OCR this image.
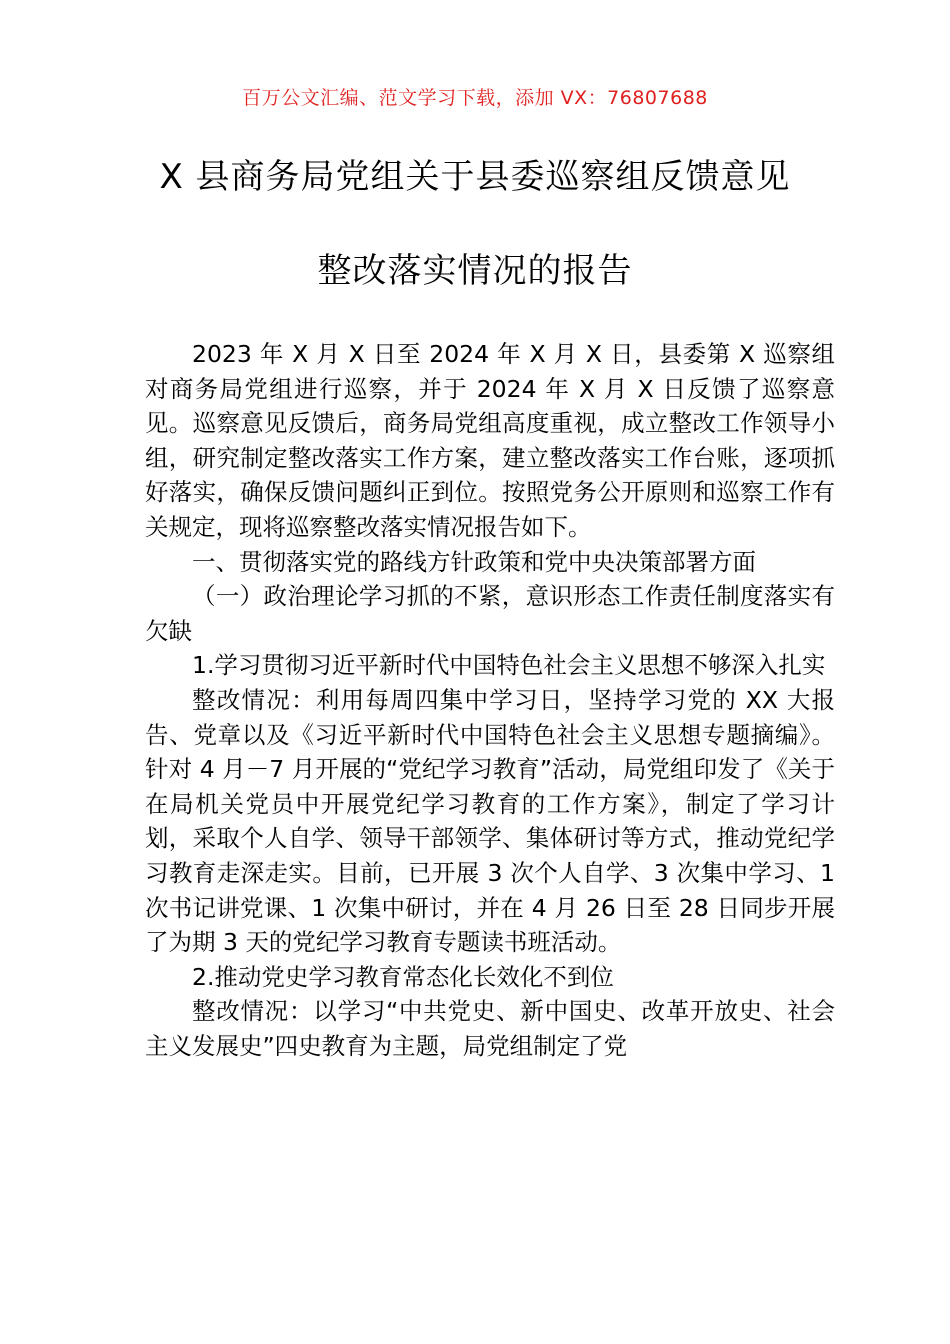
百万公文汇编、范文学习下载，添加 VX：76807688
X 县商务局党组关于县委巡察组反馈意见
整改落实情况的报告

2023 年 X 月 X 日至 2024 年 X 月 X 日，县委第 X 巡察组对商务局党组进行巡察，并于 2024 年 X 月 X 日反馈了巡察意见。巡察意见反馈后，商务局党组高度重视，成立整改工作领导小组，研究制定整改落实工作方案，建立整改落实工作台账，逐项抓好落实，确保反馈问题纠正到位。按照党务公开原则和巡察工作有关规定，现将巡察整改落实情况报告如下。

一、贯彻落实党的路线方针政策和党中央决策部署方面

（一）政治理论学习抓的不紧，意识形态工作责任制度落实有欠缺

1.学习贯彻习近平新时代中国特色社会主义思想不够深入扎实

整改情况：利用每周四集中学习日，坚持学习党的 XX 大报告、党章以及《习近平新时代中国特色社会主义思想专题摘编》。针对 4 月－7 月开展的“党纪学习教育”活动，局党组印发了《关于在局机关党员中开展党纪学习教育的工作方案》，制定了学习计划，采取个人自学、领导干部领学、集体研讨等方式，推动党纪学习教育走深走实。目前，已开展 3 次个人自学、3 次集中学习、1 次书记讲党课、1 次集中研讨，并在 4 月 26 日至 28 日同步开展了为期 3 天的党纪学习教育专题读书班活动。

2.推动党史学习教育常态化长效化不到位

整改情况：以学习“中共党史、新中国史、改革开放史、社会主义发展史”四史教育为主题，局党组制定了党
